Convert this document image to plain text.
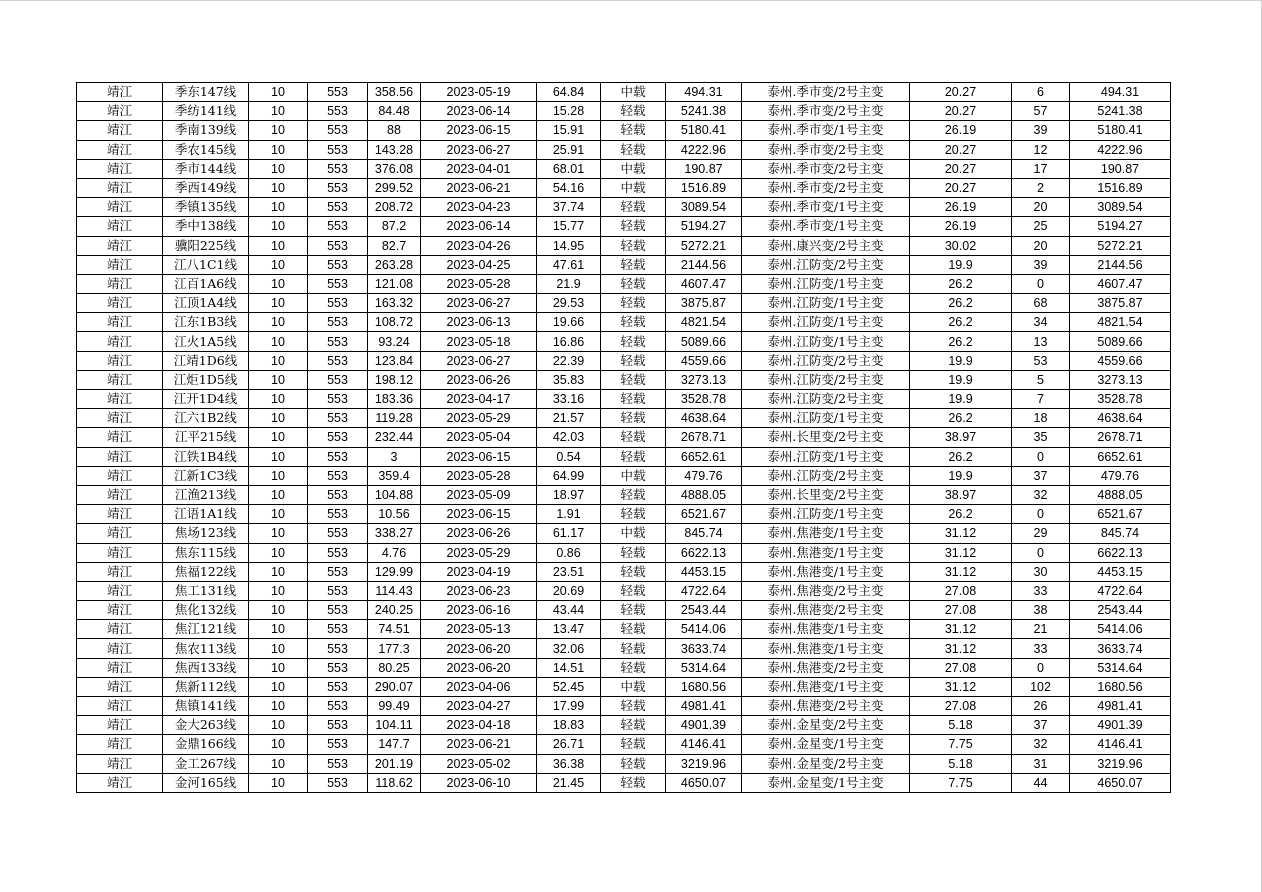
靖江	季东147线	10	553	358.56	2023-05-19	64.84	中载	494.31	泰州.季市变/2号主变	20.27	6	494.31
靖江	季纺141线	10	553	84.48	2023-06-14	15.28	轻载	5241.38	泰州.季市变/2号主变	20.27	57	5241.38
靖江	季南139线	10	553	88	2023-06-15	15.91	轻载	5180.41	泰州.季市变/1号主变	26.19	39	5180.41
靖江	季农145线	10	553	143.28	2023-06-27	25.91	轻载	4222.96	泰州.季市变/2号主变	20.27	12	4222.96
靖江	季市144线	10	553	376.08	2023-04-01	68.01	中载	190.87	泰州.季市变/2号主变	20.27	17	190.87
靖江	季西149线	10	553	299.52	2023-06-21	54.16	中载	1516.89	泰州.季市变/2号主变	20.27	2	1516.89
靖江	季镇135线	10	553	208.72	2023-04-23	37.74	轻载	3089.54	泰州.季市变/1号主变	26.19	20	3089.54
靖江	季中138线	10	553	87.2	2023-06-14	15.77	轻载	5194.27	泰州.季市变/1号主变	26.19	25	5194.27
靖江	骥阳225线	10	553	82.7	2023-04-26	14.95	轻载	5272.21	泰州.康兴变/2号主变	30.02	20	5272.21
靖江	江八1C1线	10	553	263.28	2023-04-25	47.61	轻载	2144.56	泰州.江防变/2号主变	19.9	39	2144.56
靖江	江百1A6线	10	553	121.08	2023-05-28	21.9	轻载	4607.47	泰州.江防变/1号主变	26.2	0	4607.47
靖江	江顶1A4线	10	553	163.32	2023-06-27	29.53	轻载	3875.87	泰州.江防变/1号主变	26.2	68	3875.87
靖江	江东1B3线	10	553	108.72	2023-06-13	19.66	轻载	4821.54	泰州.江防变/1号主变	26.2	34	4821.54
靖江	江火1A5线	10	553	93.24	2023-05-18	16.86	轻载	5089.66	泰州.江防变/1号主变	26.2	13	5089.66
靖江	江靖1D6线	10	553	123.84	2023-06-27	22.39	轻载	4559.66	泰州.江防变/2号主变	19.9	53	4559.66
靖江	江炬1D5线	10	553	198.12	2023-06-26	35.83	轻载	3273.13	泰州.江防变/2号主变	19.9	5	3273.13
靖江	江开1D4线	10	553	183.36	2023-04-17	33.16	轻载	3528.78	泰州.江防变/2号主变	19.9	7	3528.78
靖江	江六1B2线	10	553	119.28	2023-05-29	21.57	轻载	4638.64	泰州.江防变/1号主变	26.2	18	4638.64
靖江	江平215线	10	553	232.44	2023-05-04	42.03	轻载	2678.71	泰州.长里变/2号主变	38.97	35	2678.71
靖江	江铁1B4线	10	553	3	2023-06-15	0.54	轻载	6652.61	泰州.江防变/1号主变	26.2	0	6652.61
靖江	江新1C3线	10	553	359.4	2023-05-28	64.99	中载	479.76	泰州.江防变/2号主变	19.9	37	479.76
靖江	江渔213线	10	553	104.88	2023-05-09	18.97	轻载	4888.05	泰州.长里变/2号主变	38.97	32	4888.05
靖江	江语1A1线	10	553	10.56	2023-06-15	1.91	轻载	6521.67	泰州.江防变/1号主变	26.2	0	6521.67
靖江	焦场123线	10	553	338.27	2023-06-26	61.17	中载	845.74	泰州.焦港变/1号主变	31.12	29	845.74
靖江	焦东115线	10	553	4.76	2023-05-29	0.86	轻载	6622.13	泰州.焦港变/1号主变	31.12	0	6622.13
靖江	焦福122线	10	553	129.99	2023-04-19	23.51	轻载	4453.15	泰州.焦港变/1号主变	31.12	30	4453.15
靖江	焦工131线	10	553	114.43	2023-06-23	20.69	轻载	4722.64	泰州.焦港变/2号主变	27.08	33	4722.64
靖江	焦化132线	10	553	240.25	2023-06-16	43.44	轻载	2543.44	泰州.焦港变/2号主变	27.08	38	2543.44
靖江	焦江121线	10	553	74.51	2023-05-13	13.47	轻载	5414.06	泰州.焦港变/1号主变	31.12	21	5414.06
靖江	焦农113线	10	553	177.3	2023-06-20	32.06	轻载	3633.74	泰州.焦港变/1号主变	31.12	33	3633.74
靖江	焦西133线	10	553	80.25	2023-06-20	14.51	轻载	5314.64	泰州.焦港变/2号主变	27.08	0	5314.64
靖江	焦新112线	10	553	290.07	2023-04-06	52.45	中载	1680.56	泰州.焦港变/1号主变	31.12	102	1680.56
靖江	焦镇141线	10	553	99.49	2023-04-27	17.99	轻载	4981.41	泰州.焦港变/2号主变	27.08	26	4981.41
靖江	金大263线	10	553	104.11	2023-04-18	18.83	轻载	4901.39	泰州.金星变/2号主变	5.18	37	4901.39
靖江	金鼎166线	10	553	147.7	2023-06-21	26.71	轻载	4146.41	泰州.金星变/1号主变	7.75	32	4146.41
靖江	金工267线	10	553	201.19	2023-05-02	36.38	轻载	3219.96	泰州.金星变/2号主变	5.18	31	3219.96
靖江	金河165线	10	553	118.62	2023-06-10	21.45	轻载	4650.07	泰州.金星变/1号主变	7.75	44	4650.07
